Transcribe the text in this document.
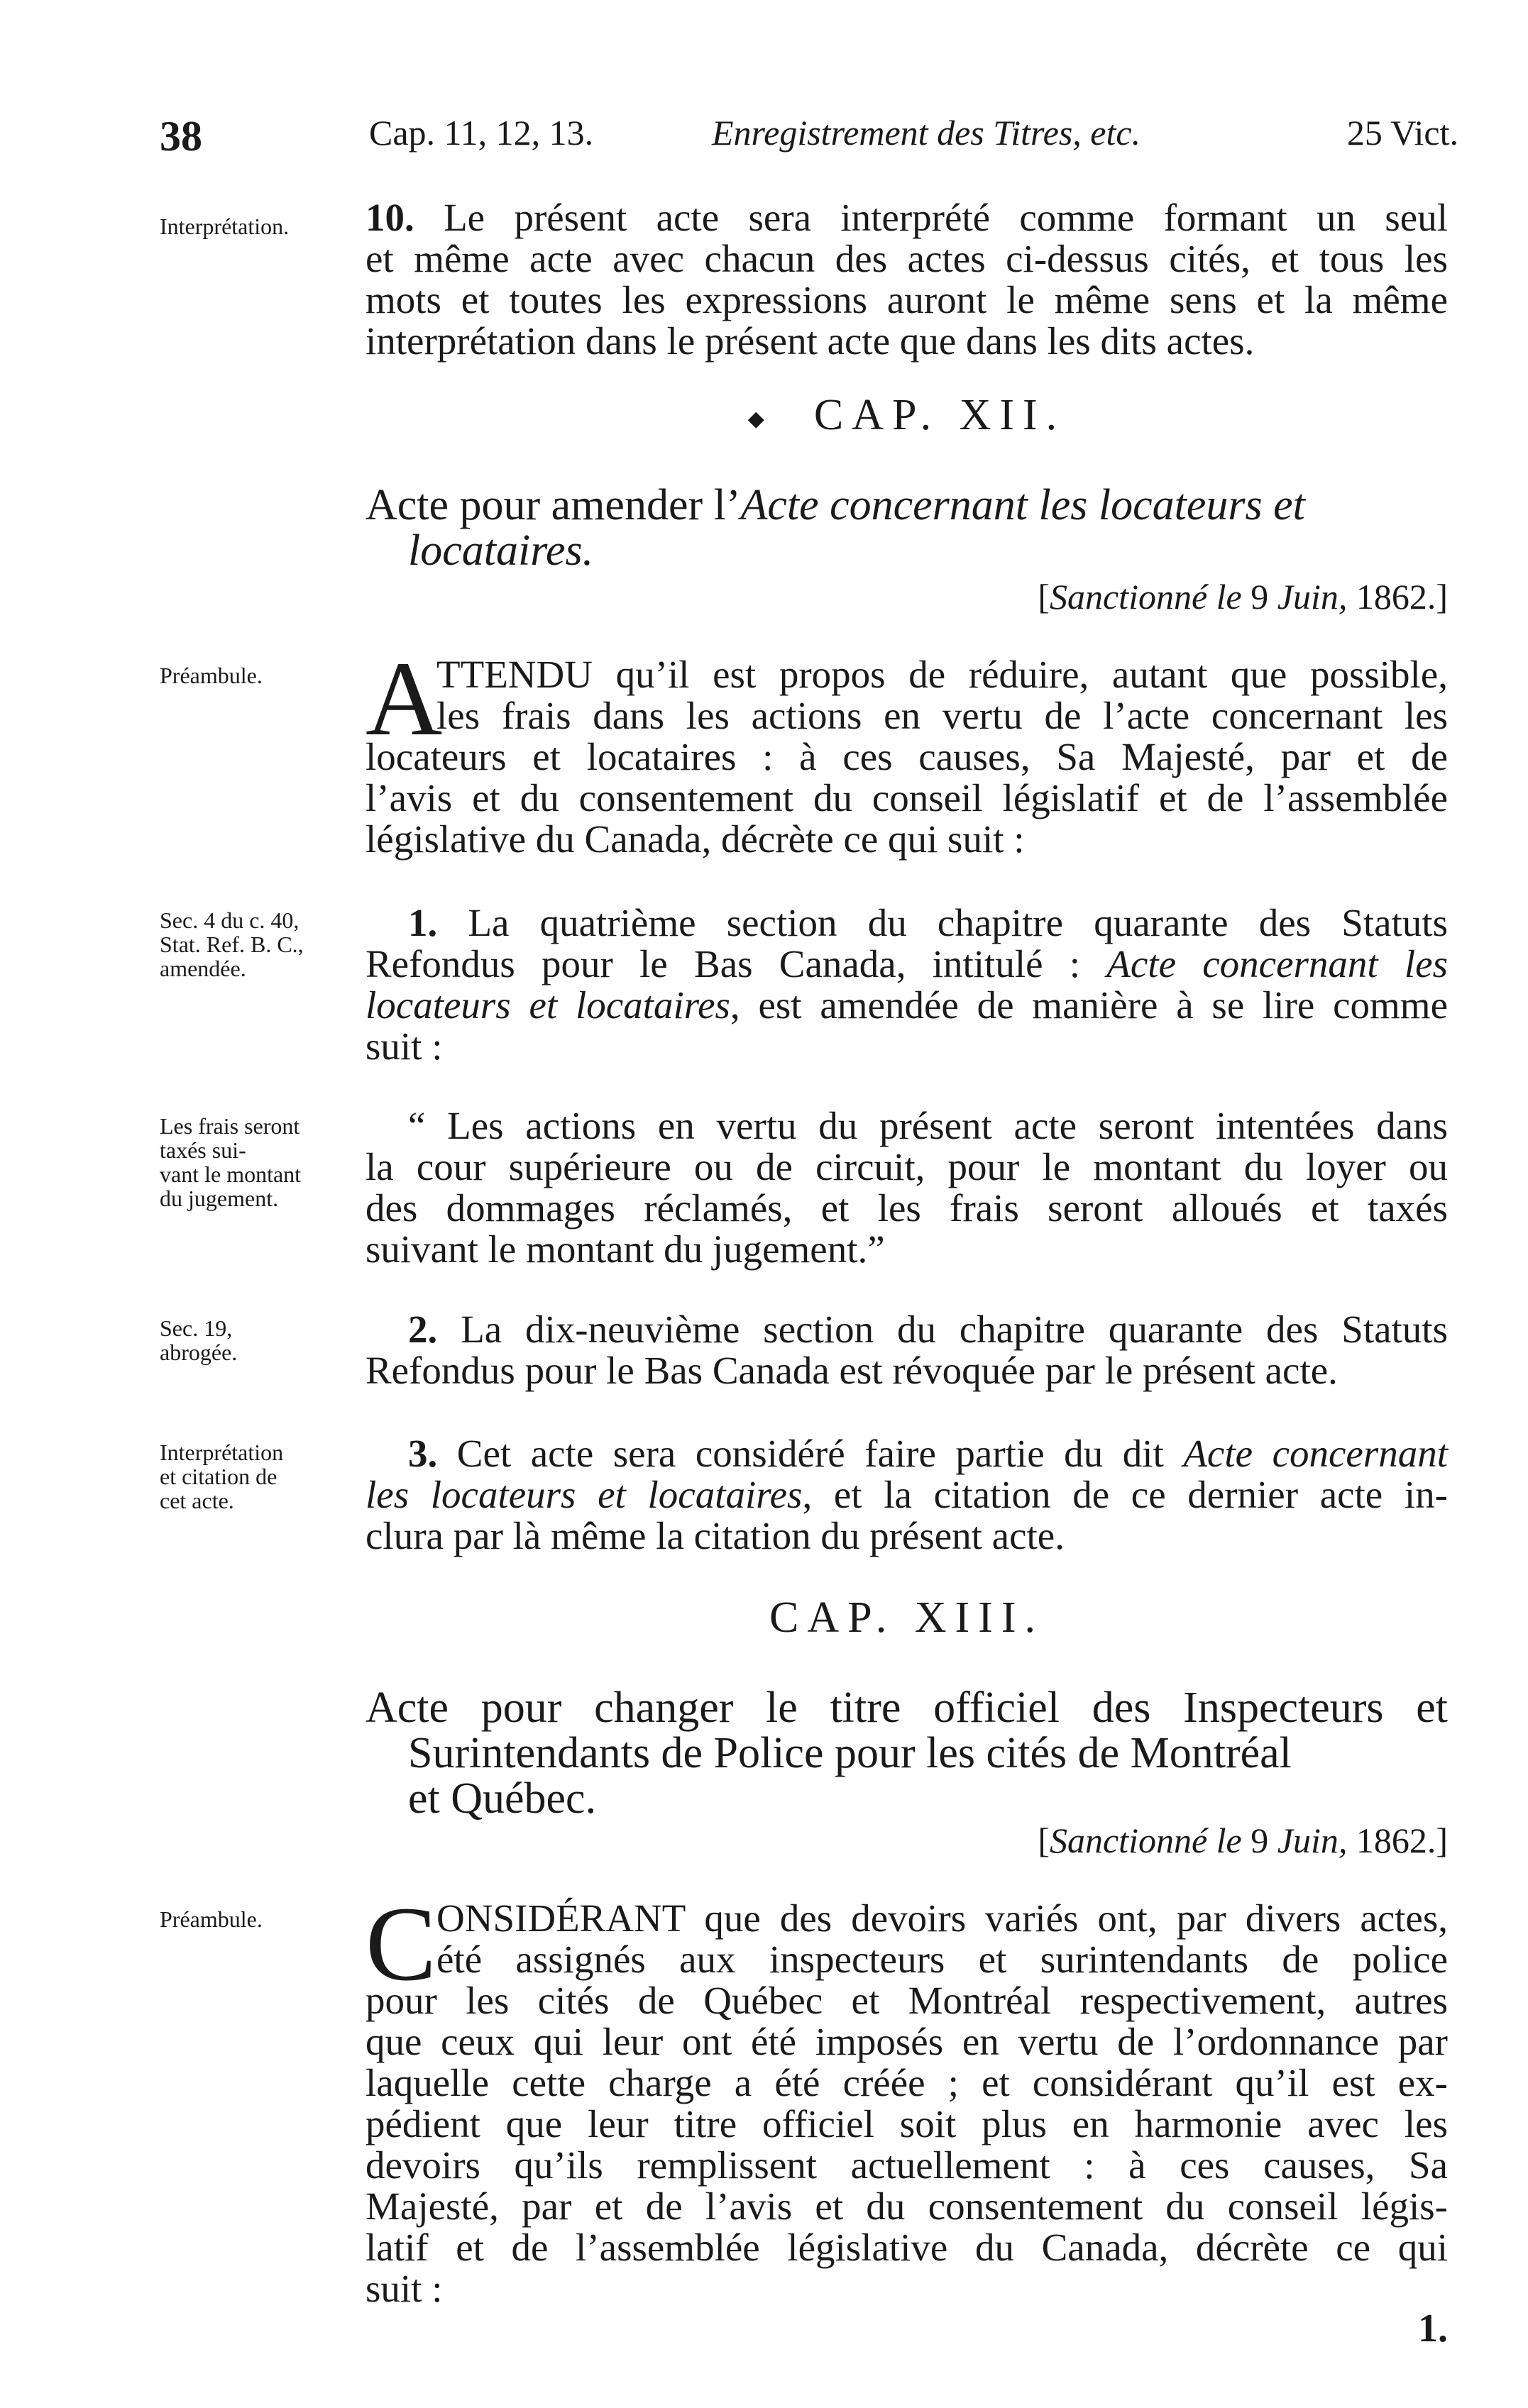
38	Cap. 11, 12, 13.	Enregistrement des Titres, etc.	25 Vict.
Interprétation.	10. Le présent acte sera interprété comme formant un seul
et même acte avec chacun des actes ci-dessus cités, et tous les
mots et toutes les expressions auront le même sens et la même
interprétation dans le présent acte que dans les dits actes.
◆ CAP. XII.
Acte pour amender l’Acte concernant les locateurs et
locataires.
[Sanctionné le 9 Juin, 1862.]
Préambule. A
TTENDU qu’il est propos de réduire, autant que possible,
les frais dans les actions en vertu de l’acte concernant les
locateurs et locataires : à ces causes, Sa Majesté, par et de
l’avis et du consentement du conseil législatif et de l’assemblée
législative du Canada, décrète ce qui suit :
Sec. 4 du c. 40,
Stat. Ref. B. C.,
amendée.
1. La quatrième section du chapitre quarante des Statuts
Refondus pour le Bas Canada, intitulé : Acte concernant les
locateurs et locataires, est amendée de manière à se lire comme
suit :
Les frais seront
taxés sui-
vant le montant
du jugement.
“ Les actions en vertu du présent acte seront intentées dans
la cour supérieure ou de circuit, pour le montant du loyer ou
des dommages réclamés, et les frais seront alloués et taxés
suivant le montant du jugement.”
Sec. 19,
abrogée.
2. La dix-neuvième section du chapitre quarante des Statuts
Refondus pour le Bas Canada est révoquée par le présent acte.
Interprétation
et citation de
cet acte.
3. Cet acte sera considéré faire partie du dit Acte concernant
les locateurs et locataires, et la citation de ce dernier acte in-
clura par là même la citation du présent acte.
CAP. XIII.
Acte pour changer le titre officiel des Inspecteurs et
Surintendants de Police pour les cités de Montréal
et Québec.
[Sanctionné le 9 Juin, 1862.]
Préambule. C ONSIDÉRANT que des devoirs variés ont, par divers actes,
été assignés aux inspecteurs et surintendants de police
pour les cités de Québec et Montréal respectivement, autres
que ceux qui leur ont été imposés en vertu de l’ordonnance par
laquelle cette charge a été créée ; et considérant qu’il est ex-
pédient que leur titre officiel soit plus en harmonie avec les
devoirs qu’ils remplissent actuellement : à ces causes, Sa
Majesté, par et de l’avis et du consentement du conseil légis-
latif et de l’assemblée législative du Canada, décrète ce qui
suit :
1.
